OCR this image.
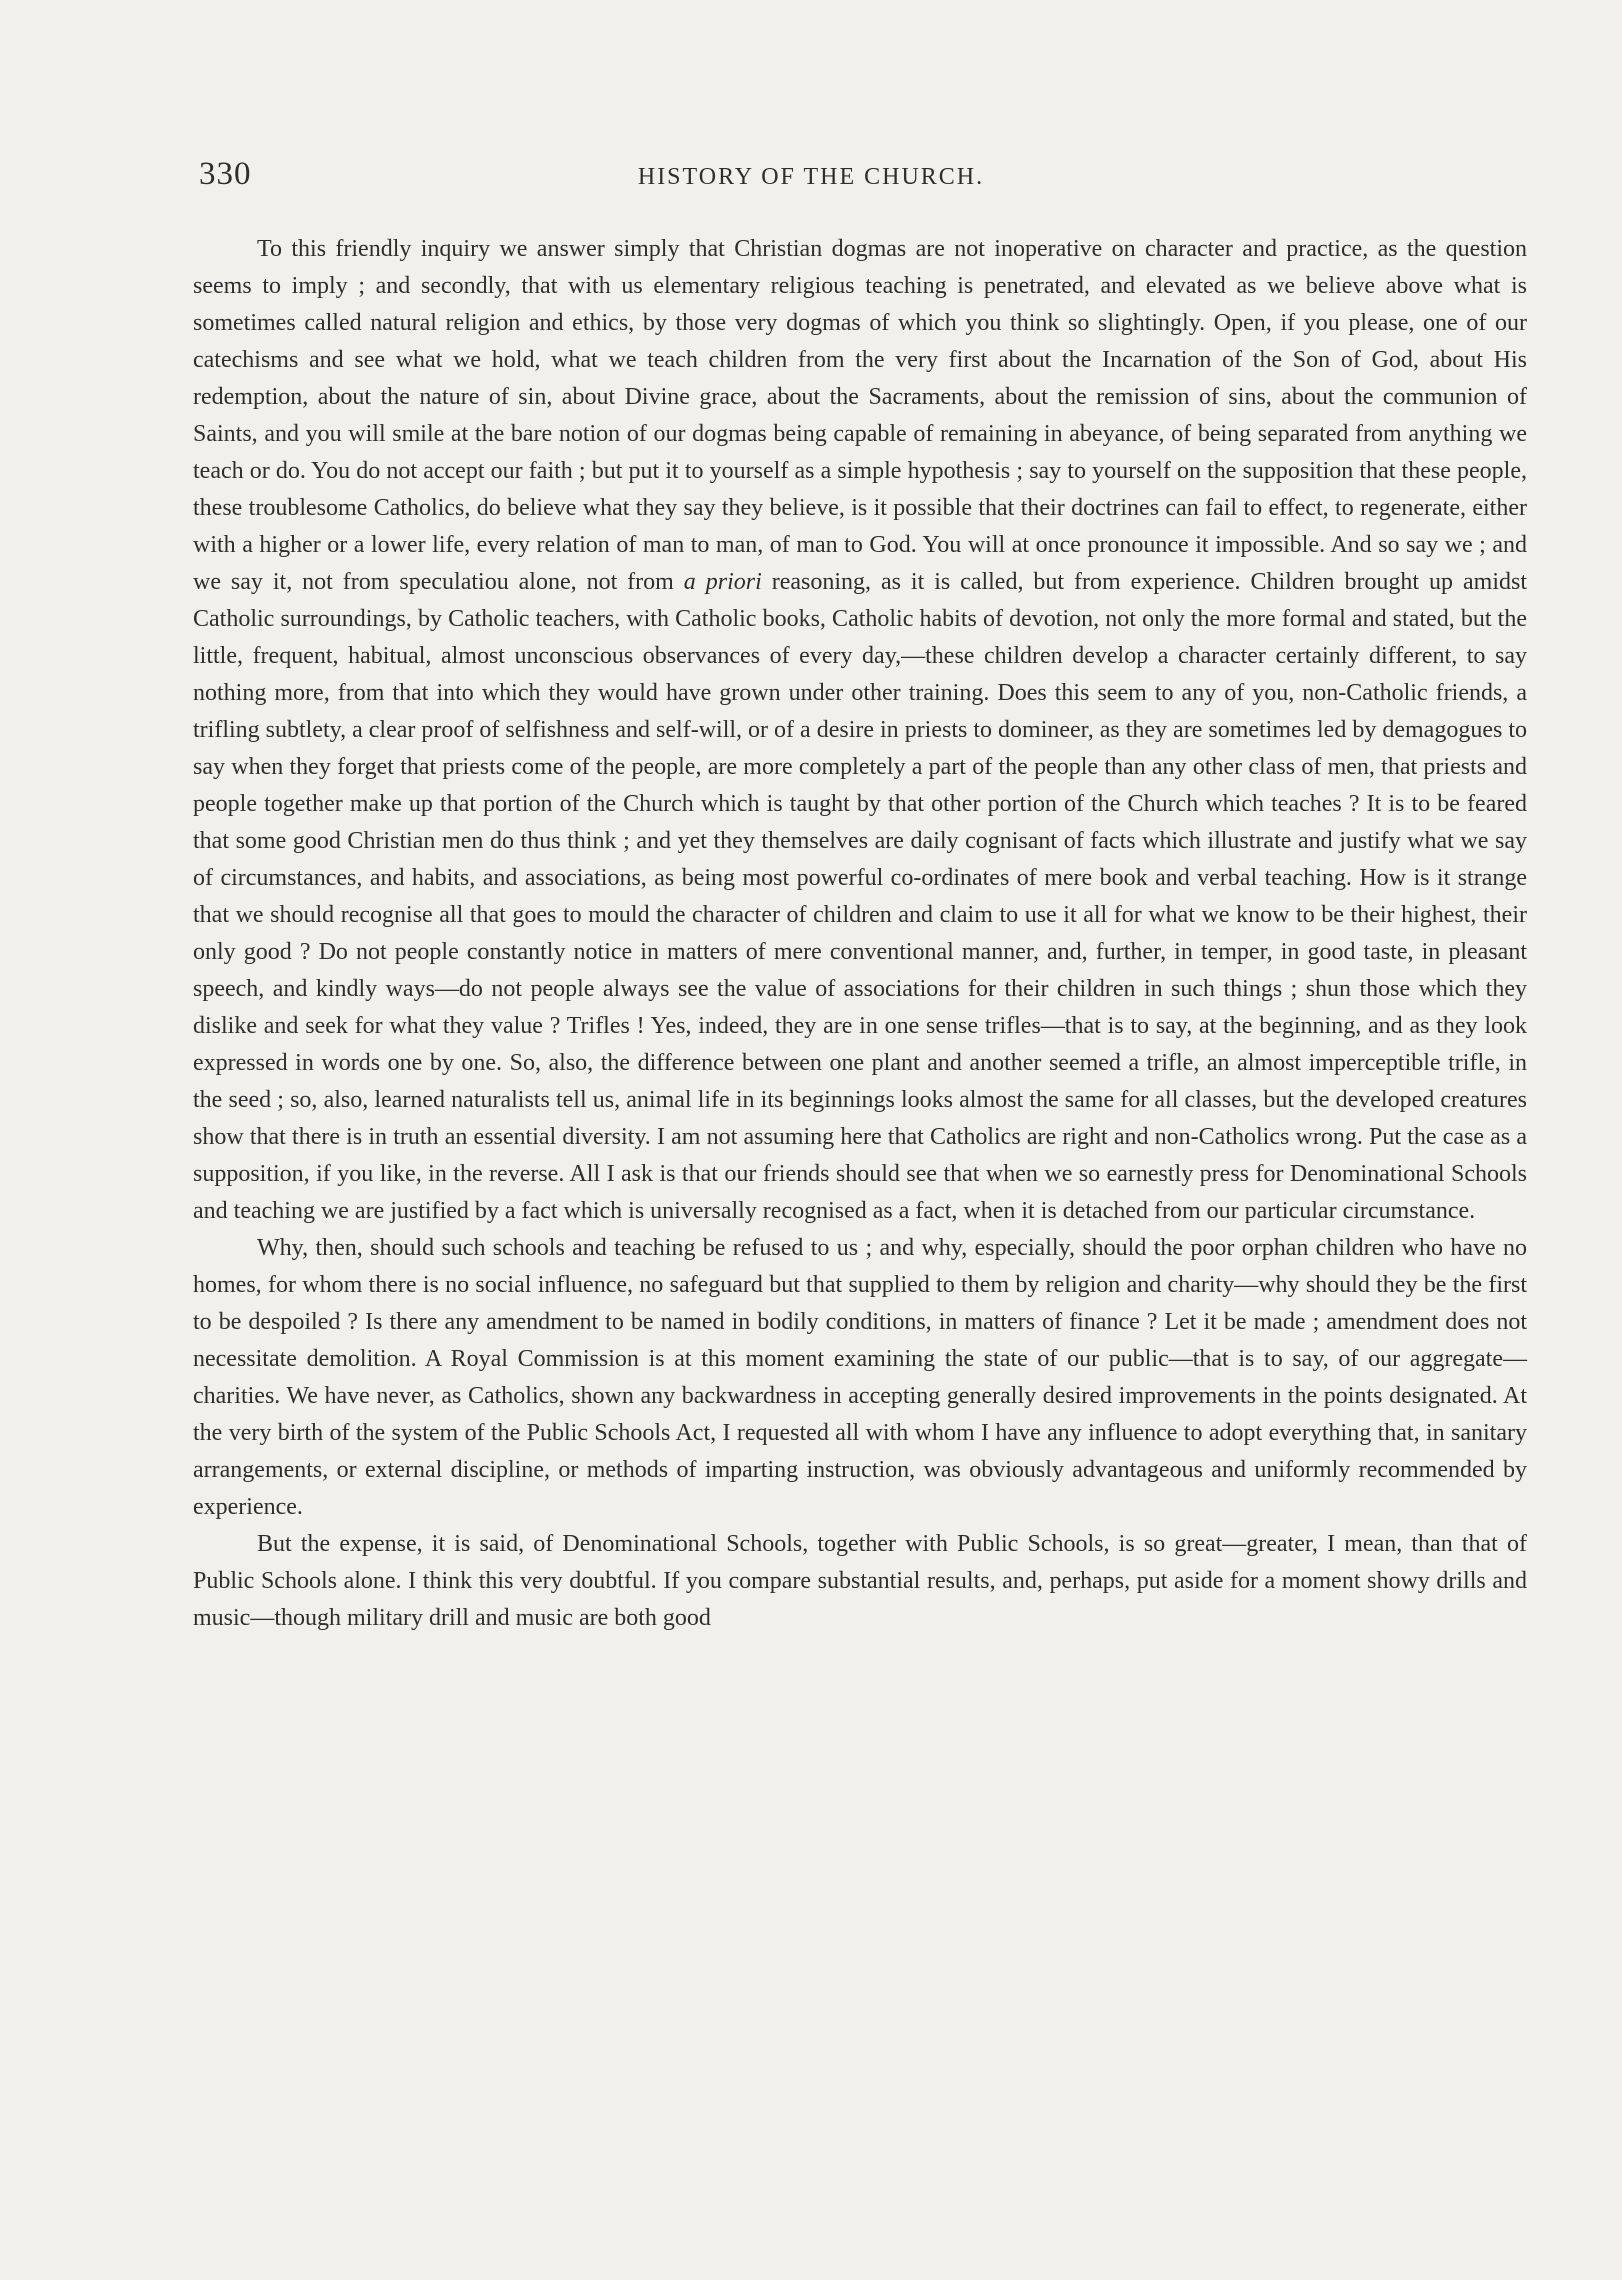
330	HISTORY OF THE CHURCH.

To this friendly inquiry we answer simply that Christian dogmas are not inoperative on character and practice, as the question seems to imply ; and secondly, that with us elementary religious teaching is penetrated, and elevated as we believe above what is sometimes called natural religion and ethics, by those very dogmas of which you think so slightingly. Open, if you please, one of our catechisms and see what we hold, what we teach children from the very first about the Incarnation of the Son of God, about His redemption, about the nature of sin, about Divine grace, about the Sacraments, about the remission of sins, about the communion of Saints, and you will smile at the bare notion of our dogmas being capable of remaining in abeyance, of being separated from anything we teach or do. You do not accept our faith ; but put it to yourself as a simple hypothesis ; say to yourself on the supposition that these people, these troublesome Catholics, do believe what they say they believe, is it possible that their doctrines can fail to effect, to regenerate, either with a higher or a lower life, every relation of man to man, of man to God. You will at once pronounce it impossible. And so say we ; and we say it, not from speculatiou alone, not from a priori reasoning, as it is called, but from experience. Children brought up amidst Catholic surroundings, by Catholic teachers, with Catholic books, Catholic habits of devotion, not only the more formal and stated, but the little, frequent, habitual, almost unconscious observances of every day,—these children develop a character certainly different, to say nothing more, from that into which they would have grown under other training. Does this seem to any of you, non-Catholic friends, a trifling subtlety, a clear proof of selfishness and self-will, or of a desire in priests to domineer, as they are sometimes led by demagogues to say when they forget that priests come of the people, are more completely a part of the people than any other class of men, that priests and people together make up that portion of the Church which is taught by that other portion of the Church which teaches ? It is to be feared that some good Christian men do thus think ; and yet they themselves are daily cognisant of facts which illustrate and justify what we say of circumstances, and habits, and associations, as being most powerful co-ordinates of mere book and verbal teaching. How is it strange that we should recognise all that goes to mould the character of children and claim to use it all for what we know to be their highest, their only good ? Do not people constantly notice in matters of mere conventional manner, and, further, in temper, in good taste, in pleasant speech, and kindly ways—do not people always see the value of associations for their children in such things ; shun those which they dislike and seek for what they value ? Trifles ! Yes, indeed, they are in one sense trifles—that is to say, at the beginning, and as they look expressed in words one by one. So, also, the difference between one plant and another seemed a trifle, an almost imperceptible trifle, in the seed ; so, also, learned naturalists tell us, animal life in its beginnings looks almost the same for all classes, but the developed creatures show that there is in truth an essential diversity. I am not assuming here that Catholics are right and non-Catholics wrong. Put the case as a supposition, if you like, in the reverse. All I ask is that our friends should see that when we so earnestly press for Denominational Schools and teaching we are justified by a fact which is universally recognised as a fact, when it is detached from our particular circumstance.

Why, then, should such schools and teaching be refused to us ; and why, especially, should the poor orphan children who have no homes, for whom there is no social influence, no safeguard but that supplied to them by religion and charity—why should they be the first to be despoiled ? Is there any amendment to be named in bodily conditions, in matters of finance ? Let it be made ; amendment does not necessitate demolition. A Royal Commission is at this moment examining the state of our public—that is to say, of our aggregate—charities. We have never, as Catholics, shown any backwardness in accepting generally desired improvements in the points designated. At the very birth of the system of the Public Schools Act, I requested all with whom I have any influence to adopt everything that, in sanitary arrangements, or external discipline, or methods of imparting instruction, was obviously advantageous and uniformly recommended by experience.

But the expense, it is said, of Denominational Schools, together with Public Schools, is so great—greater, I mean, than that of Public Schools alone. I think this very doubtful. If you compare substantial results, and, perhaps, put aside for a moment showy drills and music—though military drill and music are both good
